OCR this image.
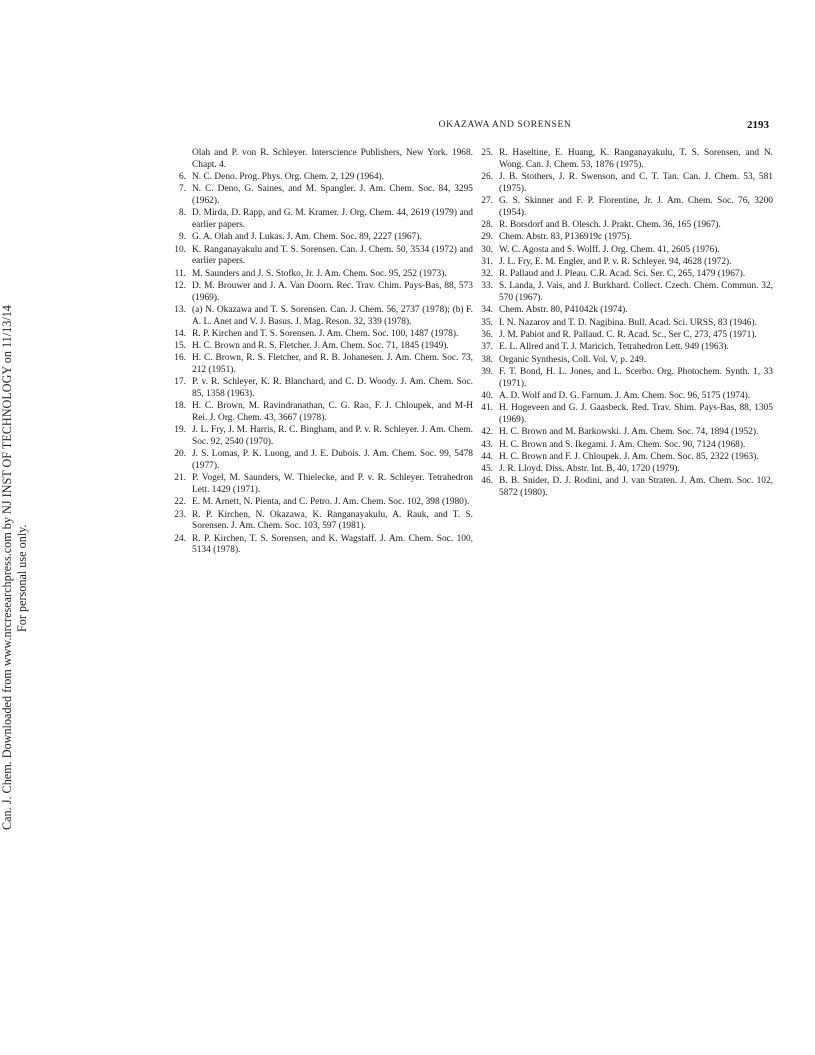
Can. J. Chem. Downloaded from www.nrcresearchpress.com by NJ INST OF TECHNOLOGY on 11/13/14 For personal use only.
OKAZAWA AND SORENSEN	2193
Olah and P. von R. Schleyer. Interscience Publishers, New York. 1968. Chapt. 4.
6. N. C. Deno. Prog. Phys. Org. Chem. 2, 129 (1964).
7. N. C. Deno, G. Saines, and M. Spangler. J. Am. Chem. Soc. 84, 3295 (1962).
8. D. Mirda, D. Rapp, and G. M. Kramer. J. Org. Chem. 44, 2619 (1979) and earlier papers.
9. G. A. Olah and J. Lukas. J. Am. Chem. Soc. 89, 2227 (1967).
10. K. Ranganayakulu and T. S. Sorensen. Can. J. Chem. 50, 3534 (1972) and earlier papers.
11. M. Saunders and J. S. Stofko, Jr. J. Am. Chem. Soc. 95, 252 (1973).
12. D. M. Brouwer and J. A. Van Doorn. Rec. Trav. Chim. Pays-Bas, 88, 573 (1969).
13. (a) N. Okazawa and T. S. Sorensen. Can. J. Chem. 56, 2737 (1978); (b) F. A. L. Anet and V. J. Basus. J. Mag. Reson. 32, 339 (1978).
14. R. P. Kirchen and T. S. Sorensen. J. Am. Chem. Soc. 100, 1487 (1978).
15. H. C. Brown and R. S. Fletcher. J. Am. Chem. Soc. 71, 1845 (1949).
16. H. C. Brown, R. S. Fletcher, and R. B. Johanesen. J. Am. Chem. Soc. 73, 212 (1951).
17. P. v. R. Schleyer, K. R. Blanchard, and C. D. Woody. J. Am. Chem. Soc. 85, 1358 (1963).
18. H. C. Brown, M. Ravindranathan, C. G. Rao, F. J. Chloupek, and M-H Rei. J. Org. Chem. 43, 3667 (1978).
19. J. L. Fry, J. M. Harris, R. C. Bingham, and P. v. R. Schleyer. J. Am. Chem. Soc. 92, 2540 (1970).
20. J. S. Lomas, P. K. Luong, and J. E. Dubois. J. Am. Chem. Soc. 99, 5478 (1977).
21. P. Vogel, M. Saunders, W. Thielecke, and P. v. R. Schleyer. Tetrahedron Lett. 1429 (1971).
22. E. M. Arnett, N. Pienta, and C. Petro. J. Am. Chem. Soc. 102, 398 (1980).
23. R. P. Kirchen, N. Okazawa, K. Ranganayakulu, A. Rauk, and T. S. Sorensen. J. Am. Chem. Soc. 103, 597 (1981).
24. R. P. Kirchen, T. S. Sorensen, and K. Wagstaff. J. Am. Chem. Soc. 100, 5134 (1978).
25. R. Haseltine, E. Huang, K. Ranganayakulu, T. S. Sorensen, and N. Wong. Can. J. Chem. 53, 1876 (1975).
26. J. B. Stothers, J. R. Swenson, and C. T. Tan. Can. J. Chem. 53, 581 (1975).
27. G. S. Skinner and F. P. Florentine, Jr. J. Am. Chem. Soc. 76, 3200 (1954).
28. R. Borsdorf and B. Olesch. J. Prakt. Chem. 36, 165 (1967).
29. Chem. Abstr. 83, P136919c (1975).
30. W. C. Agosta and S. Wolff. J. Org. Chem. 41, 2605 (1976).
31. J. L. Fry, E. M. Engler, and P. v. R. Schleyer. 94, 4628 (1972).
32. R. Pallaud and J. Pleau. C.R. Acad. Sci. Ser. C, 265, 1479 (1967).
33. S. Landa, J. Vais, and J. Burkhard. Collect. Czech. Chem. Commun. 32, 570 (1967).
34. Chem. Abstr. 80, P41042k (1974).
35. I. N. Nazarov and T. D. Nagibina. Bull. Acad. Sci. URSS, 83 (1946).
36. J. M. Pabiot and R. Pallaud. C. R. Acad. Sc., Ser C, 273, 475 (1971).
37. E. L. Allred and T. J. Maricich. Tetrahedron Lett. 949 (1963).
38. Organic Synthesis, Coll. Vol. V, p. 249.
39. F. T. Bond, H. L. Jones, and L. Scerbo. Org. Photochem. Synth. 1, 33 (1971).
40. A. D. Wolf and D. G. Farnum. J. Am. Chem. Soc. 96, 5175 (1974).
41. H. Hogeveen and G. J. Gaasbeck. Red. Trav. Shim. Pays-Bas, 88, 1305 (1969).
42. H. C. Brown and M. Barkowski. J. Am. Chem. Soc. 74, 1894 (1952).
43. H. C. Brown and S. Ikegami. J. Am. Chem. Soc. 90, 7124 (1968).
44. H. C. Brown and F. J. Chloupek. J. Am. Chem. Soc. 85, 2322 (1963).
45. J. R. Lloyd. Diss. Abstr. Int. B, 40, 1720 (1979).
46. B. B. Snider, D. J. Rodini, and J. van Straten. J. Am. Chem. Soc. 102, 5872 (1980).
